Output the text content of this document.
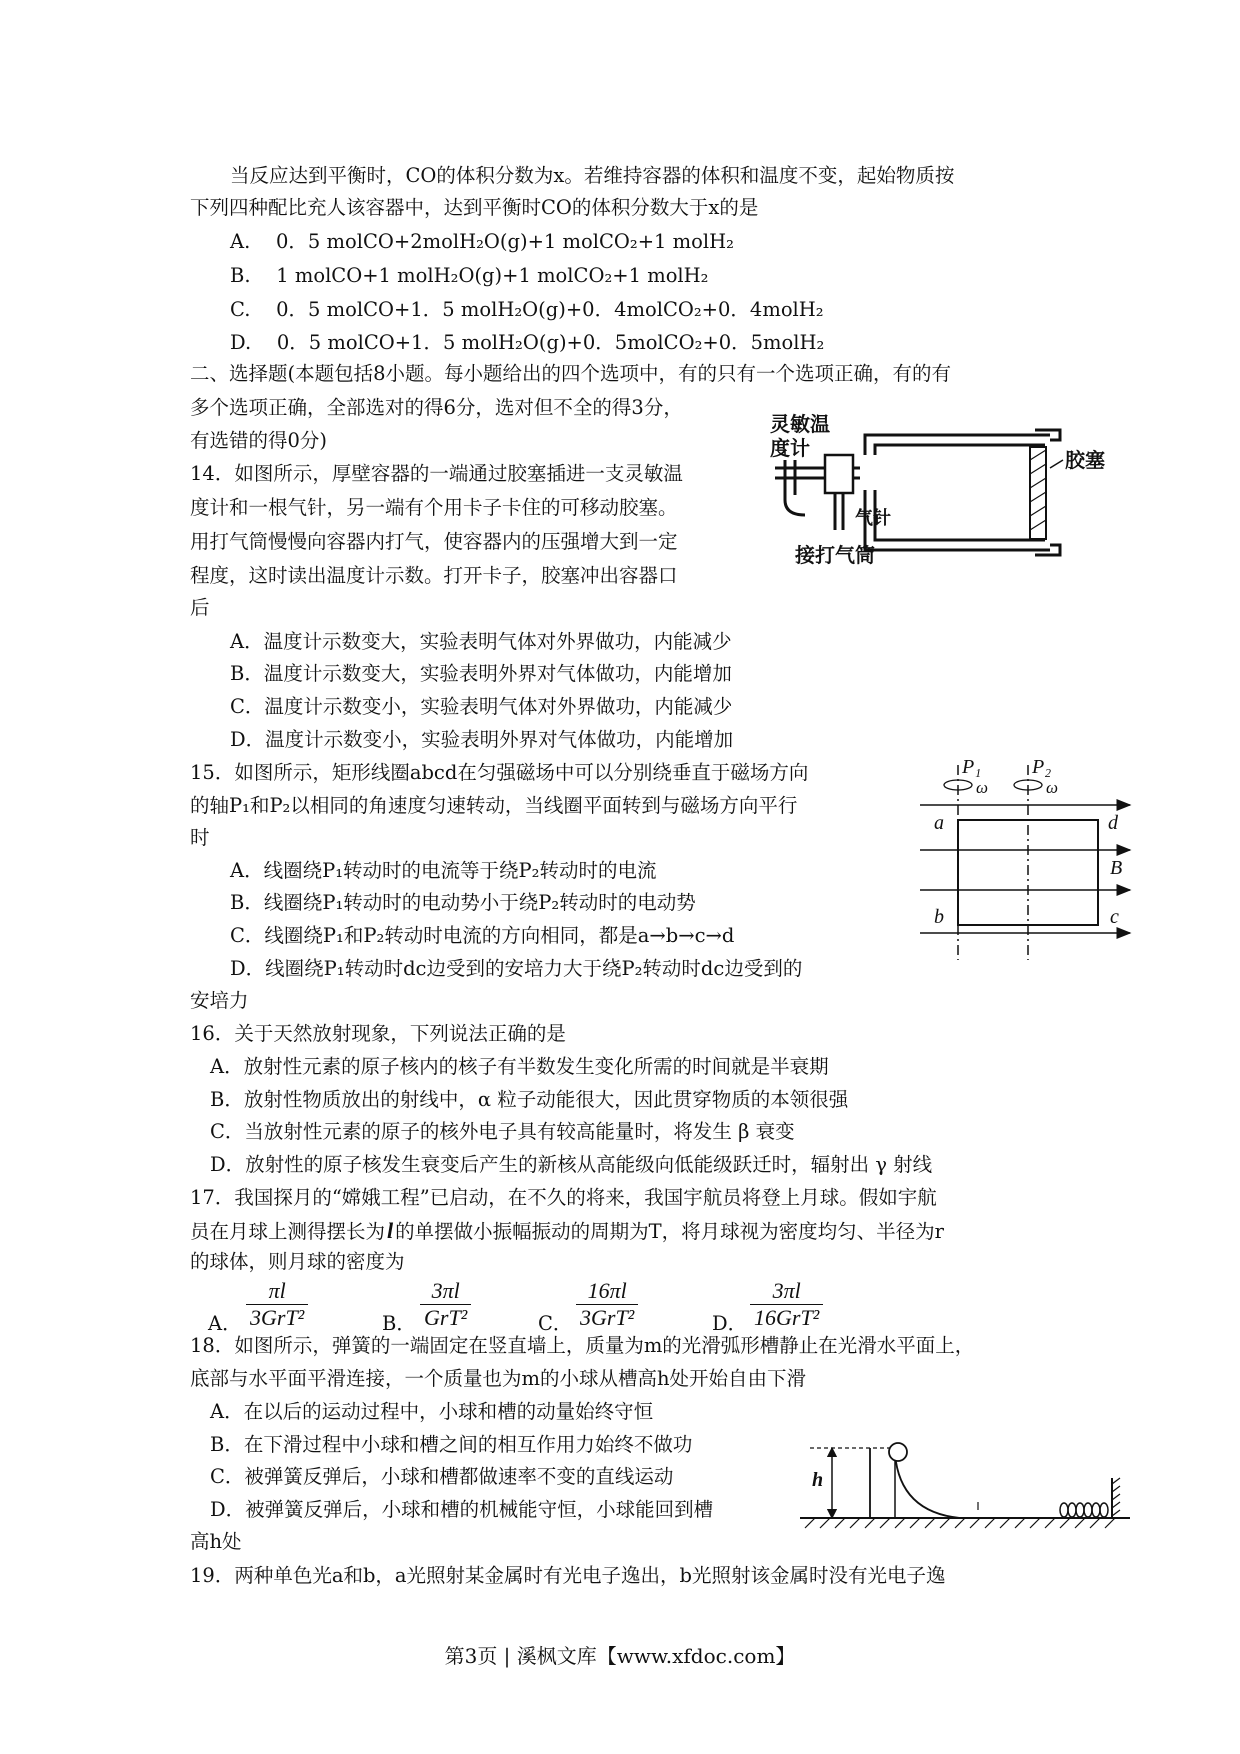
当反应达到平衡时，CO的体积分数为x。若维持容器的体积和温度不变，起始物质按
下列四种配比充人该容器中，达到平衡时CO的体积分数大于x的是
A.　 0．5 molCO+2molH₂O(g)+1 molCO₂+1 molH₂
B.　 1 molCO+1 molH₂O(g)+1 molCO₂+1 molH₂
C.　 0．5 molCO+1．5 molH₂O(g)+0．4molCO₂+0．4molH₂
D.　 0．5 molCO+1．5 molH₂O(g)+0．5molCO₂+0．5molH₂
二、选择题(本题包括8小题。每小题给出的四个选项中，有的只有一个选项正确，有的有
多个选项正确，全部选对的得6分，选对但不全的得3分，
有选错的得0分)
14．如图所示，厚壁容器的一端通过胶塞插进一支灵敏温
度计和一根气针，另一端有个用卡子卡住的可移动胶塞。
用打气筒慢慢向容器内打气，使容器内的压强增大到一定
程度，这时读出温度计示数。打开卡子，胶塞冲出容器口
后
A．温度计示数变大，实验表明气体对外界做功，内能减少
B．温度计示数变大，实验表明外界对气体做功，内能增加
C．温度计示数变小，实验表明气体对外界做功，内能减少
D．温度计示数变小，实验表明外界对气体做功，内能增加
灵敏温
度计
气针
胶塞
接打气筒
15．如图所示，矩形线圈abcd在匀强磁场中可以分别绕垂直于磁场方向
的轴P₁和P₂以相同的角速度匀速转动，当线圈平面转到与磁场方向平行
时
A．线圈绕P₁转动时的电流等于绕P₂转动时的电流
B．线圈绕P₁转动时的电动势小于绕P₂转动时的电动势
C．线圈绕P₁和P₂转动时电流的方向相同，都是a→b→c→d
D．线圈绕P₁转动时dc边受到的安培力大于绕P₂转动时dc边受到的
安培力
P₁	P₂
ω	ω
a	d
B
b	c
16．关于天然放射现象，下列说法正确的是
A．放射性元素的原子核内的核子有半数发生变化所需的时间就是半衰期
B．放射性物质放出的射线中，α 粒子动能很大，因此贯穿物质的本领很强
C．当放射性元素的原子的核外电子具有较高能量时，将发生 β 衰变
D．放射性的原子核发生衰变后产生的新核从高能级向低能级跃迁时，辐射出 γ 射线
17．我国探月的“嫦娥工程”已启动，在不久的将来，我国宇航员将登上月球。假如宇航
员在月球上测得摆长为l 的单摆做小振幅振动的周期为T，将月球视为密度均匀、半径为r
的球体，则月球的密度为
A．
πl
3GrT²	B．
3πl
GrT²	C．
16πl
3GrT²	D．
3πl
16GrT²
18．如图所示，弹簧的一端固定在竖直墙上，质量为m的光滑弧形槽静止在光滑水平面上，
底部与水平面平滑连接，一个质量也为m的小球从槽高h处开始自由下滑
A．在以后的运动过程中，小球和槽的动量始终守恒
B．在下滑过程中小球和槽之间的相互作用力始终不做功
C．被弹簧反弹后，小球和槽都做速率不变的直线运动
D．被弹簧反弹后，小球和槽的机械能守恒，小球能回到槽
高h处
h
19．两种单色光a和b，a光照射某金属时有光电子逸出，b光照射该金属时没有光电子逸
第3页 | 溪枫文库【www.xfdoc.com】
